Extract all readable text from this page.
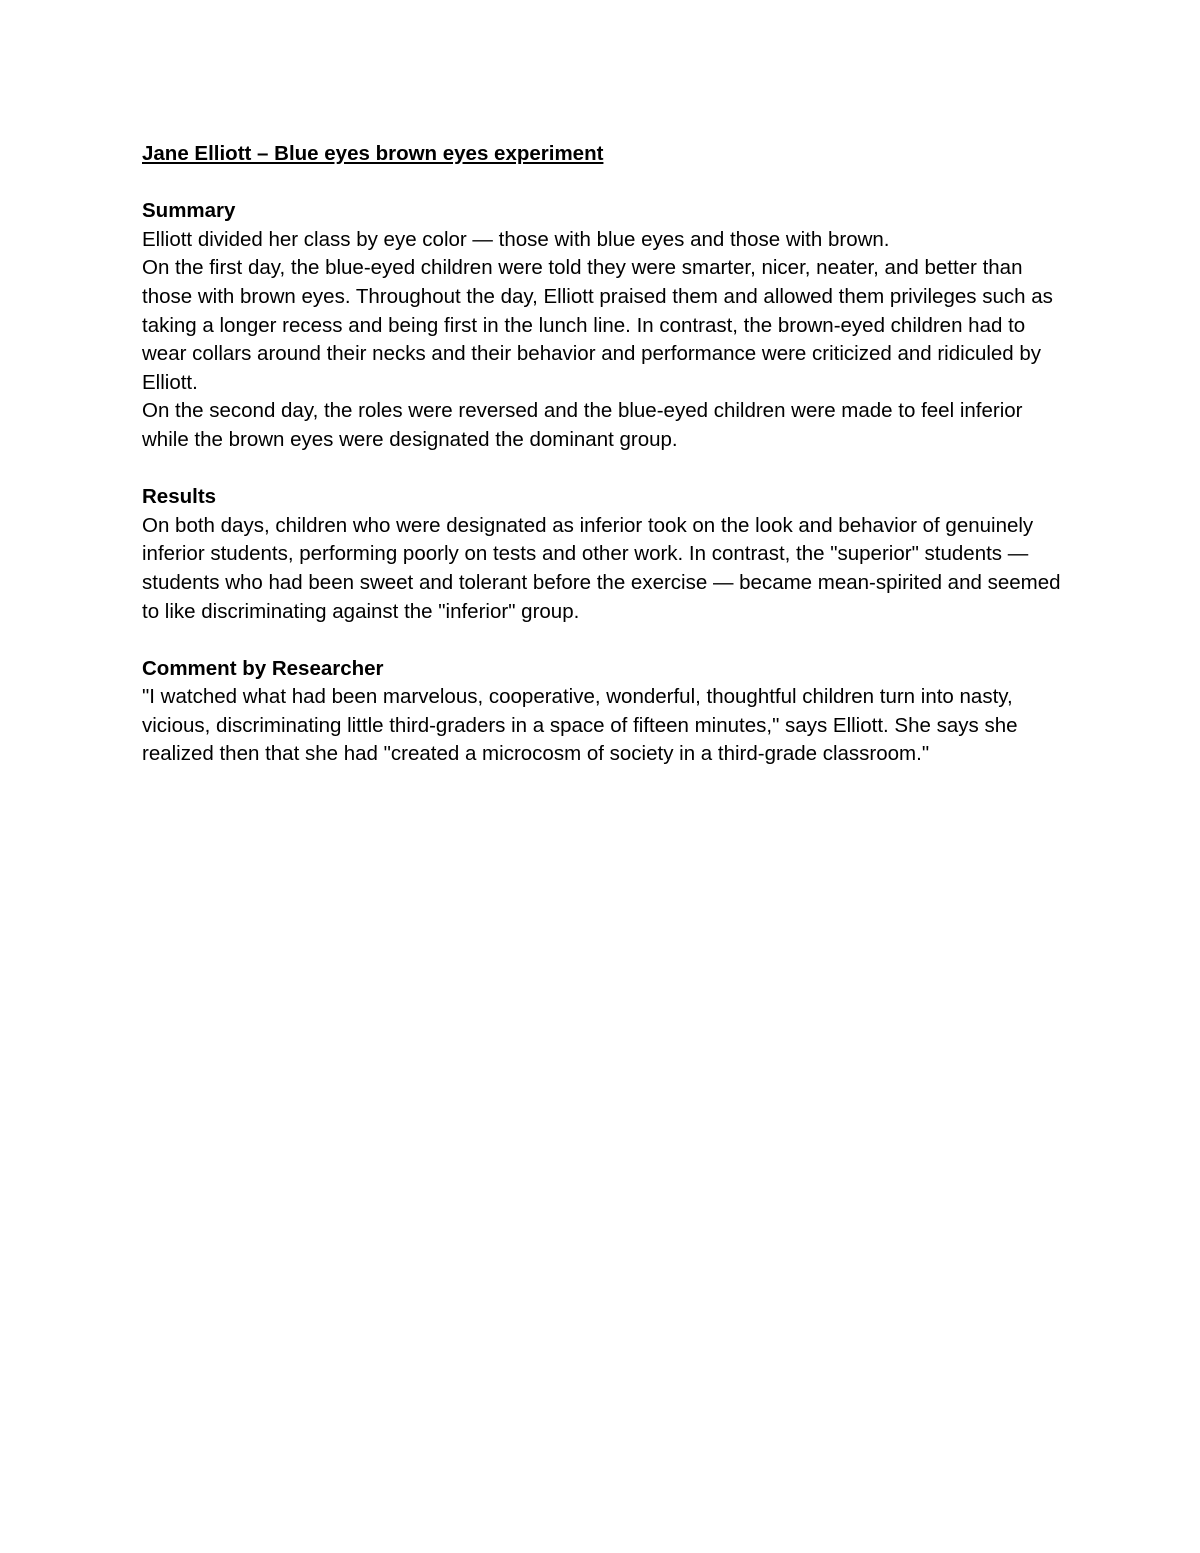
Jane Elliott – Blue eyes brown eyes experiment

Summary

Elliott divided her class by eye color — those with blue eyes and those with brown.

On the first day, the blue-eyed children were told they were smarter, nicer, neater, and better than those with brown eyes. Throughout the day, Elliott praised them and allowed them privileges such as taking a longer recess and being first in the lunch line. In contrast, the brown-eyed children had to wear collars around their necks and their behavior and performance were criticized and ridiculed by Elliott.

On the second day, the roles were reversed and the blue-eyed children were made to feel inferior while the brown eyes were designated the dominant group.

Results

On both days, children who were designated as inferior took on the look and behavior of genuinely inferior students, performing poorly on tests and other work. In contrast, the "superior" students — students who had been sweet and tolerant before the exercise — became mean-spirited and seemed to like discriminating against the "inferior" group.

Comment by Researcher

"I watched what had been marvelous, cooperative, wonderful, thoughtful children turn into nasty, vicious, discriminating little third-graders in a space of fifteen minutes," says Elliott. She says she realized then that she had "created a microcosm of society in a third-grade classroom."
